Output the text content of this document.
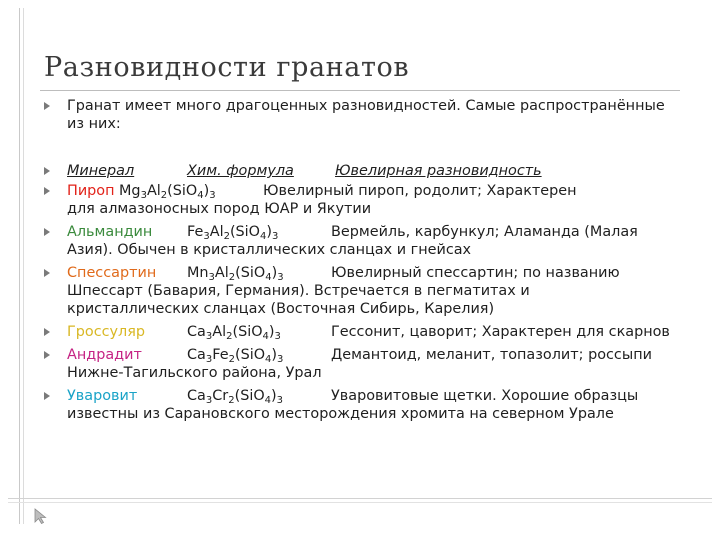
Разновидности гранатов
Гранат имеет много драгоценных разновидностей. Самые распространённые
из них:
Минерал	Хим. формула	Ювелирная разновидность
Пироп $Mg_3Al_2(SiO_4)_3$	Ювелирный пироп, родолит; Характерен
для алмазоносных пород ЮАР и Якутии
Альмандин $Fe_3Al_2(SiO_4)_3$	Вермейль, карбункул; Аламанда (Малая
Азия). Обычен в кристаллических сланцах и гнейсах
Спессартин $Mn_3Al_2(SiO_4)_3$	Ювелирный спессартин; по названию
Шпессарт (Бавария, Германия). Встречается в пегматитах и
кристаллических сланцах (Восточная Сибирь, Карелия)
Гроссуляр	$Ca_3Al_2(SiO_4)_3$	Гессонит, цаворит; Характерен для скарнов
Андрадит	$Ca_3Fe_2(SiO_4)_3$	Демантоид, меланит, топазолит; россыпи
Нижне-Тагильского района, Урал
Уваровит	$Ca_3Cr_2(SiO_4)_3$	Уваровитовые щетки. Хорошие образцы
известны из Сарановского месторождения хромита на северном Урале
